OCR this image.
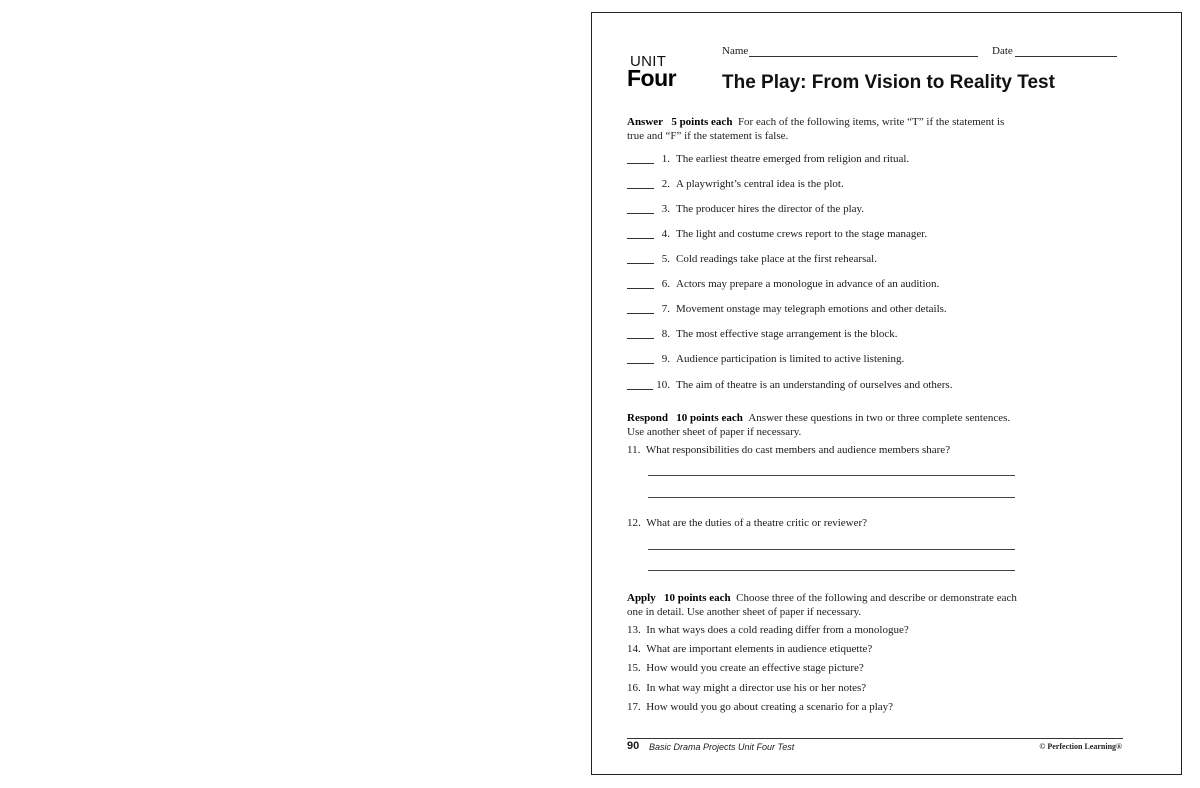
UNIT
Four
Name	Date
The Play: From Vision to Reality Test
Answer 5 points each For each of the following items, write “T” if the statement is
true and “F” if the statement is false.
1. The earliest theatre emerged from religion and ritual.
2. A playwright’s central idea is the plot.
3. The producer hires the director of the play.
4. The light and costume crews report to the stage manager.
5. Cold readings take place at the first rehearsal.
6. Actors may prepare a monologue in advance of an audition.
7. Movement onstage may telegraph emotions and other details.
8. The most effective stage arrangement is the block.
9. Audience participation is limited to active listening.
10. The aim of theatre is an understanding of ourselves and others.
Respond 10 points each Answer these questions in two or three complete sentences.
Use another sheet of paper if necessary.
11. What responsibilities do cast members and audience members share?
12. What are the duties of a theatre critic or reviewer?
Apply 10 points each Choose three of the following and describe or demonstrate each
one in detail. Use another sheet of paper if necessary.
13. In what ways does a cold reading differ from a monologue?
14. What are important elements in audience etiquette?
15. How would you create an effective stage picture?
16. In what way might a director use his or her notes?
17. How would you go about creating a scenario for a play?
90 Basic Drama Projects Unit Four Test	© Perfection Learning®
